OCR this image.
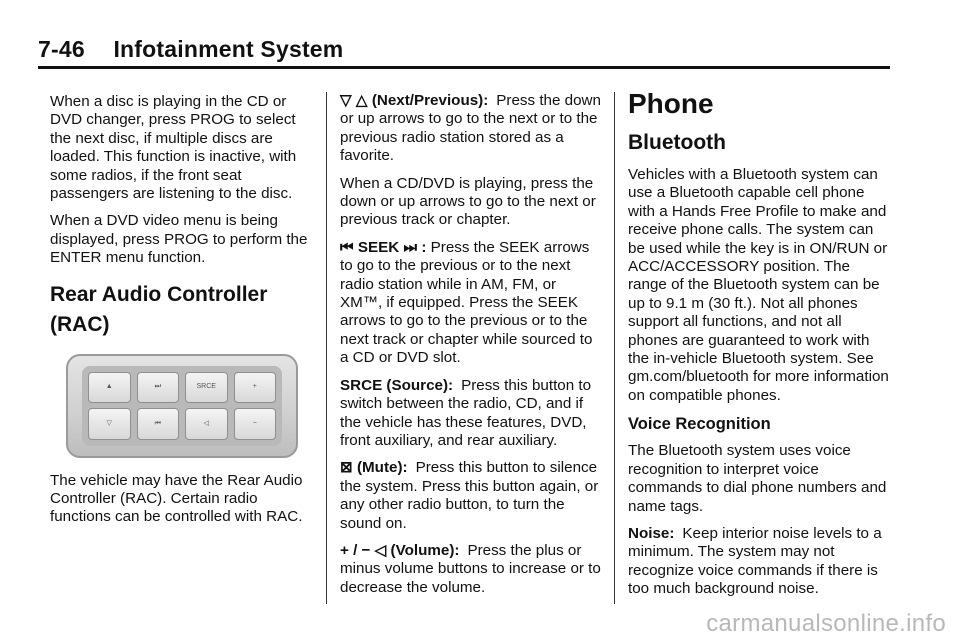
7-46 Infotainment System

When a disc is playing in the CD or DVD changer, press PROG to select the next disc, if multiple discs are loaded. This function is inactive, with some radios, if the front seat passengers are listening to the disc.

When a DVD video menu is being displayed, press PROG to perform the ENTER menu function.

Rear Audio Controller (RAC)
▲
▽
⏭
⏮
SRCE
◁
+
−

The vehicle may have the Rear Audio Controller (RAC). Certain radio functions can be controlled with RAC.

▽ △ (Next/Previous): Press the down or up arrows to go to the next or to the previous radio station stored as a favorite.

When a CD/DVD is playing, press the down or up arrows to go to the next or previous track or chapter.

⏮ SEEK ⏭ : Press the SEEK arrows to go to the previous or to the next radio station while in AM, FM, or XM™, if equipped. Press the SEEK arrows to go to the previous or to the next track or chapter while sourced to a CD or DVD slot.

SRCE (Source): Press this button to switch between the radio, CD, and if the vehicle has these features, DVD, front auxiliary, and rear auxiliary.

⊠ (Mute): Press this button to silence the system. Press this button again, or any other radio button, to turn the sound on.

+ / − ◁ (Volume): Press the plus or minus volume buttons to increase or to decrease the volume.

Phone
Bluetooth

Vehicles with a Bluetooth system can use a Bluetooth capable cell phone with a Hands Free Profile to make and receive phone calls. The system can be used while the key is in ON/RUN or ACC/ACCESSORY position. The range of the Bluetooth system can be up to 9.1 m (30 ft.). Not all phones support all functions, and not all phones are guaranteed to work with the in-vehicle Bluetooth system. See gm.com/bluetooth for more information on compatible phones.

Voice Recognition

The Bluetooth system uses voice recognition to interpret voice commands to dial phone numbers and name tags.

Noise: Keep interior noise levels to a minimum. The system may not recognize voice commands if there is too much background noise.

carmanualsonline.info
